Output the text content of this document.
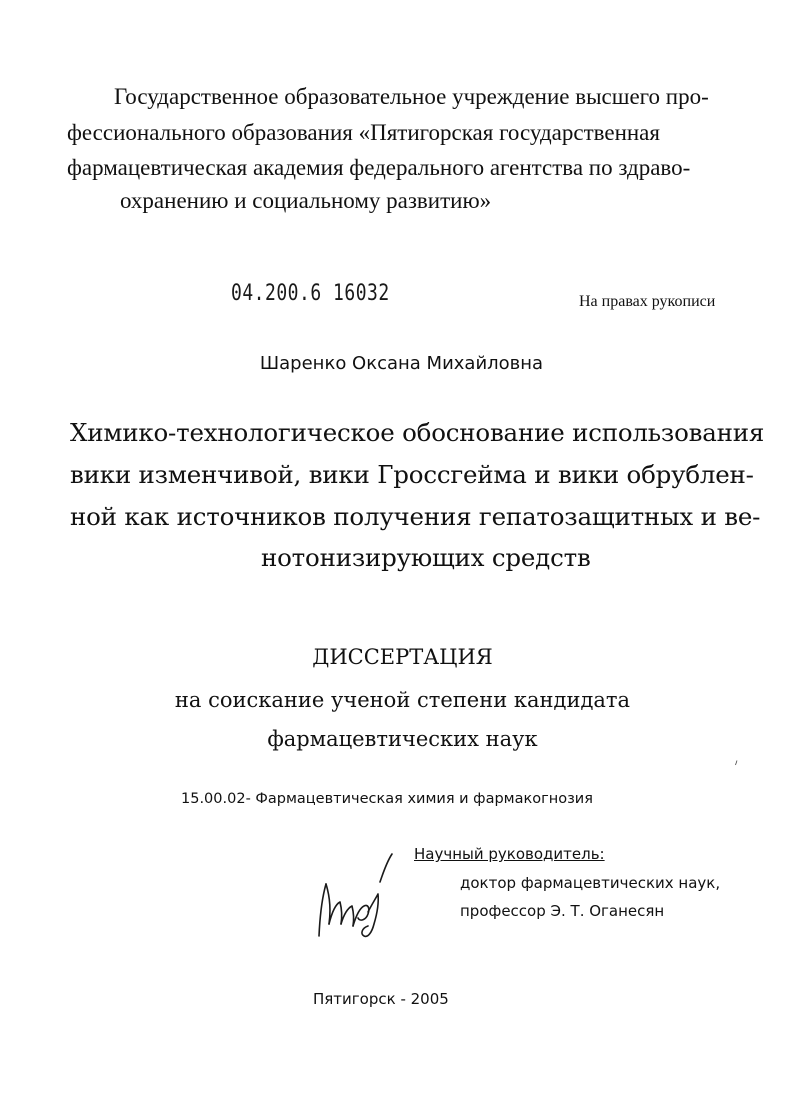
Государственное образовательное учреждение высшего про-
фессионального образования «Пятигорская государственная
фармацевтическая академия федерального агентства по здраво-
охранению и социальному развитию»
04.200.6 16032	На правах рукописи
Шаренко Оксана Михайловна
Химико-технологическое обоснование использования
вики изменчивой, вики Гроссгейма и вики обрублен-
ной как источников получения гепатозащитных и ве-
нотонизирующих средств
ДИССЕРТАЦИЯ
на соискание ученой степени кандидата
фармацевтических наук
15.00.02- Фармацевтическая химия и фармакогнозия
Научный руководитель:
доктор фармацевтических наук,
профессор Э. Т. Оганесян
Пятигорск - 2005
